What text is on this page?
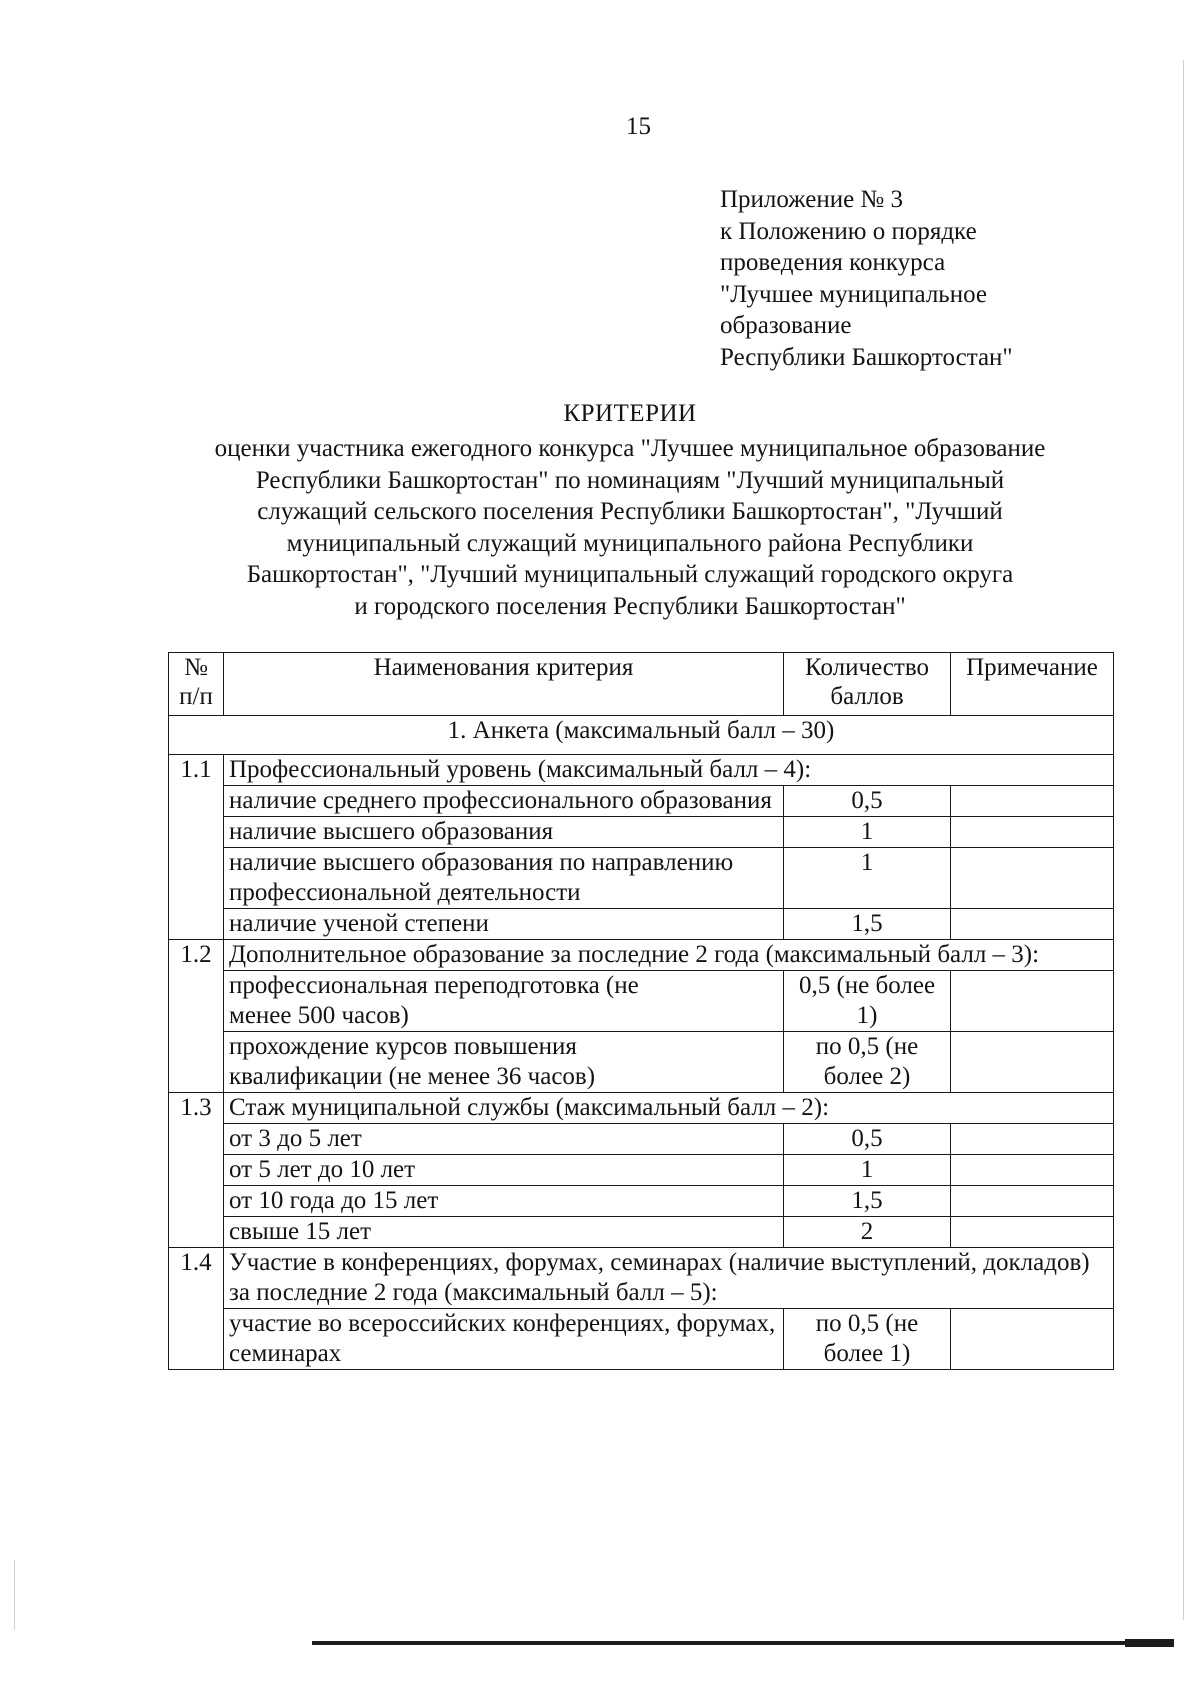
15
Приложение № 3
к Положению о порядке
проведения конкурса
"Лучшее муниципальное
образование
Республики Башкортостан"
КРИТЕРИИ
оценки участника ежегодного конкурса "Лучшее муниципальное образование
Республики Башкортостан" по номинациям "Лучший муниципальный
служащий сельского поселения Республики Башкортостан", "Лучший
муниципальный служащий муниципального района Республики
Башкортостан", "Лучший муниципальный служащий городского округа
и городского поселения Республики Башкортостан"
№ п/п	Наименования критерия	Количество баллов	Примечание
1. Анкета (максимальный балл – 30)			
1.1	Профессиональный уровень (максимальный балл – 4):		
	наличие среднего профессионального образования	0,5	
	наличие высшего образования	1	
	наличие высшего образования по направлению профессиональной деятельности	1	
	наличие ученой степени	1,5	
1.2	Дополнительное образование за последние 2 года (максимальный балл – 3):		
	профессиональная переподготовка (не менее 500 часов)	0,5 (не более 1)	
	прохождение курсов повышения квалификации (не менее 36 часов)	по 0,5 (не более 2)	
1.3	Стаж муниципальной службы (максимальный балл – 2):		
	от 3 до 5 лет	0,5	
	от 5 лет до 10 лет	1	
	от 10 года до 15 лет	1,5	
	свыше 15 лет	2	
1.4	Участие в конференциях, форумах, семинарах (наличие выступлений, докладов) за последние 2 года (максимальный балл – 5):		
	участие во всероссийских конференциях, форумах, семинарах	по 0,5 (не более 1)	
